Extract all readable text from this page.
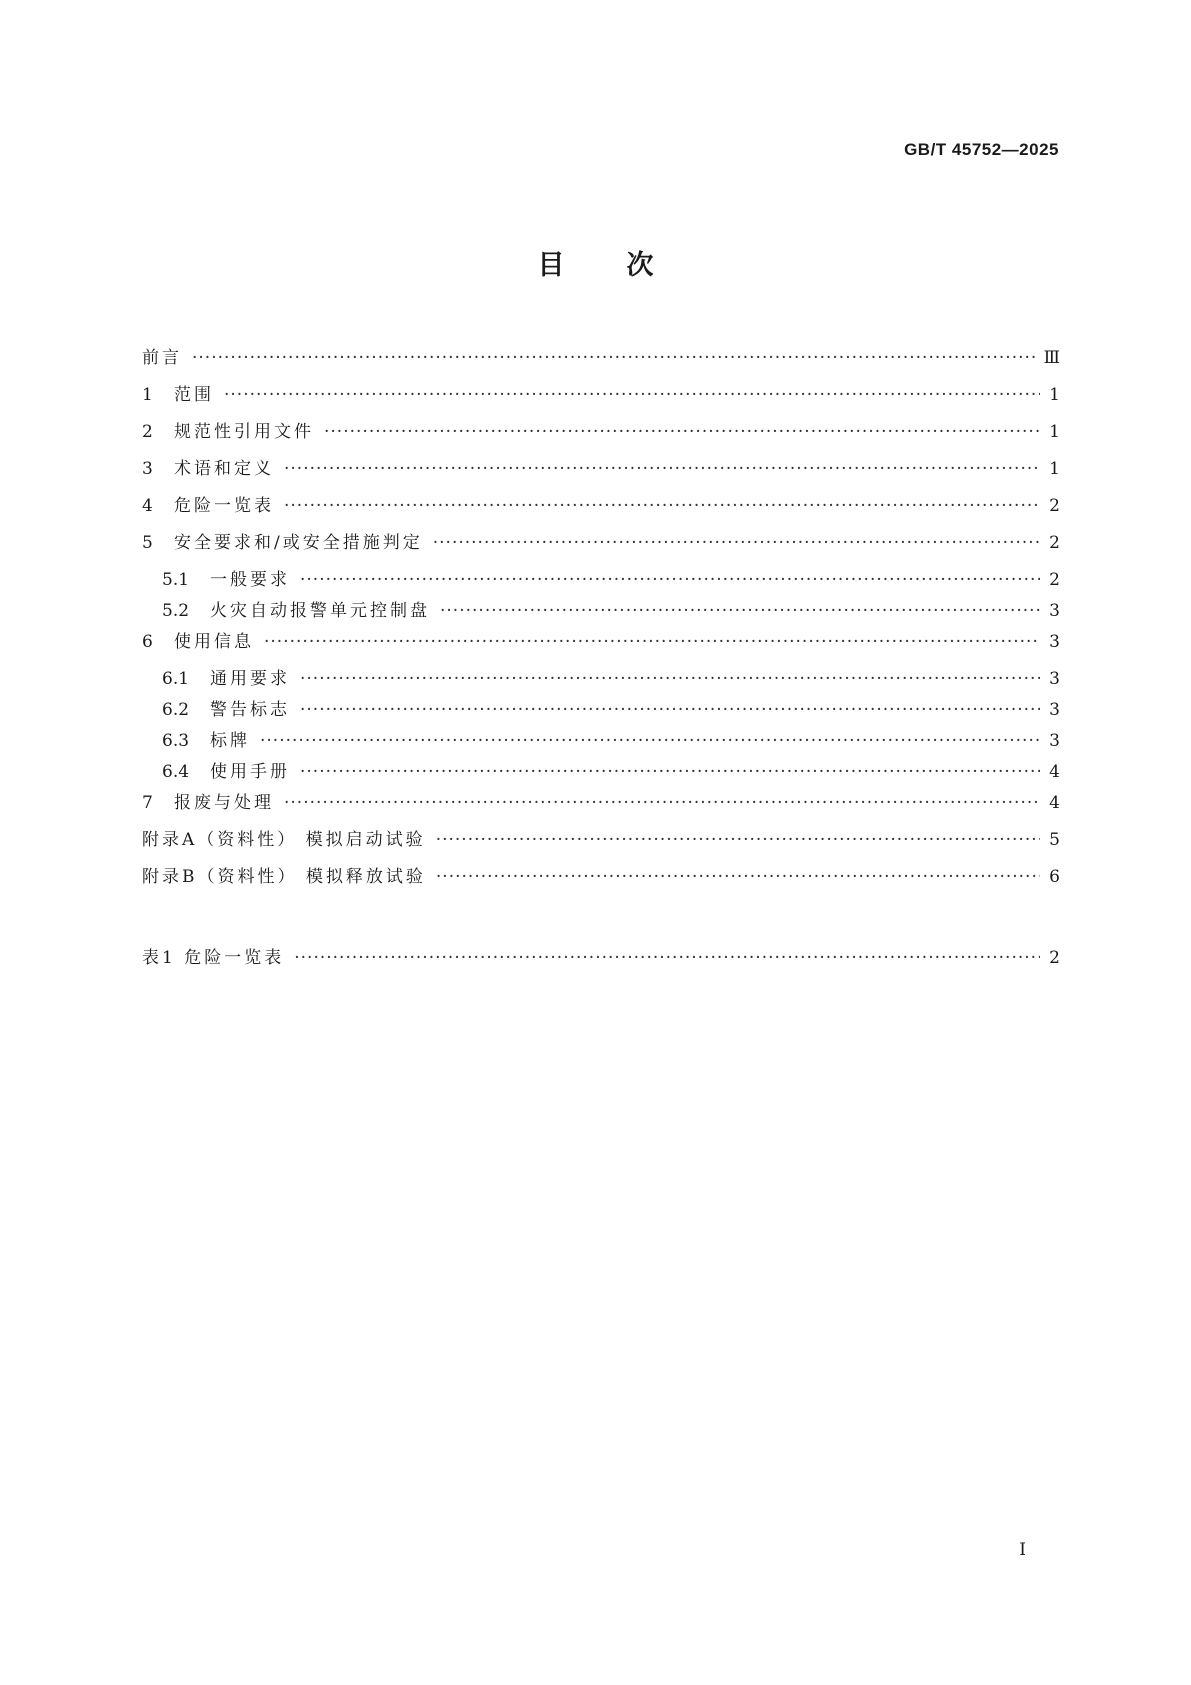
GB/T 45752—2025
目次
前言 ·····	Ⅲ
1	范围 ·····	1
2	规范性引用文件 ·····	1
3	术语和定义 ·····	1
4	危险一览表 ·····	2
5	安全要求和/或安全措施判定 ·····	2
5.1	一般要求 ·····	2
5.2	火灾自动报警单元控制盘 ·····	3
6	使用信息 ·····	3
6.1	通用要求 ·····	3
6.2	警告标志 ·····	3
6.3	标牌 ·····	3
6.4	使用手册 ·····	4
7	报废与处理 ·····	4
附录A（资料性） 模拟启动试验 ·····	5
附录B（资料性） 模拟释放试验 ·····	6
表1 危险一览表 ·····	2
I
